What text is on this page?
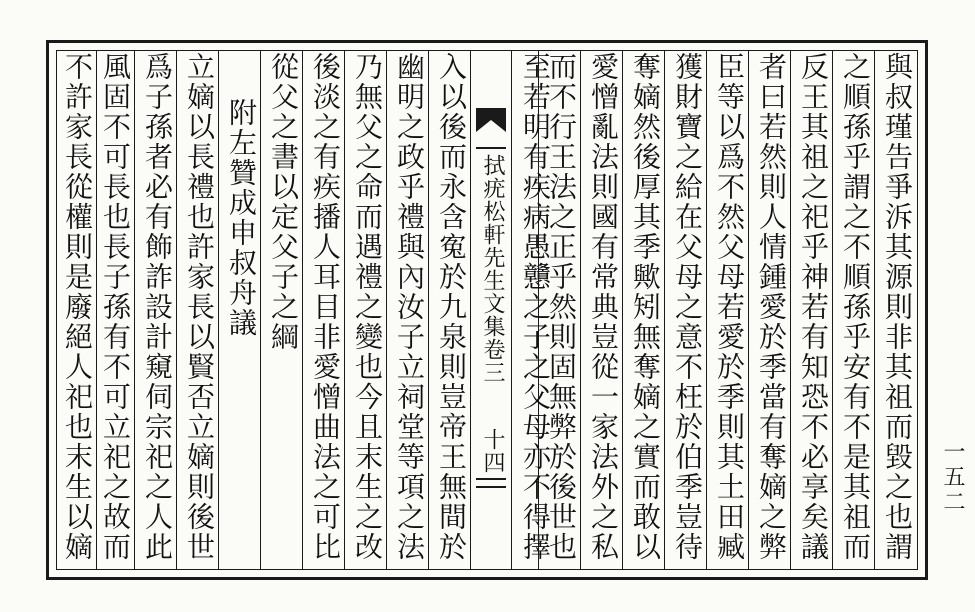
與叔瑾告爭泝其源則非其祖而毀之也謂
之順孫乎謂之不順孫乎安有不是其祖而
反王其祖之祀乎神若有知恐不必享矣議
者曰若然則人情鍾愛於季當有奪嫡之弊
臣等以爲不然父母若愛於季則其土田臧
獲財寶之給在父母之意不枉於伯季豈待
奪嫡然後厚其季歟矧無奪嫡之實而敢以
愛憎亂法則國有常典豈從一家法外之私
而不行王法之正乎然則固無弊於後世也
至若明有疾病愚戇之子之父母亦不得擇
拭疣松軒先生文集卷三
十四
入以後而永含寃於九泉則豈帝王無間於
幽明之政乎禮與內汝子立祠堂等項之法
乃無父之命而遇禮之變也今且末生之改
後淡之有疾播人耳目非愛憎曲法之可比
從父之書以定父子之綱
附左贊成申叔舟議
立嫡以長禮也許家長以賢否立嫡則後世
爲子孫者必有飾詐設計窺伺宗祀之人此
風固不可長也長子孫有不可立祀之故而
不許家長從權則是廢絕人祀也末生以嫡	一五二
